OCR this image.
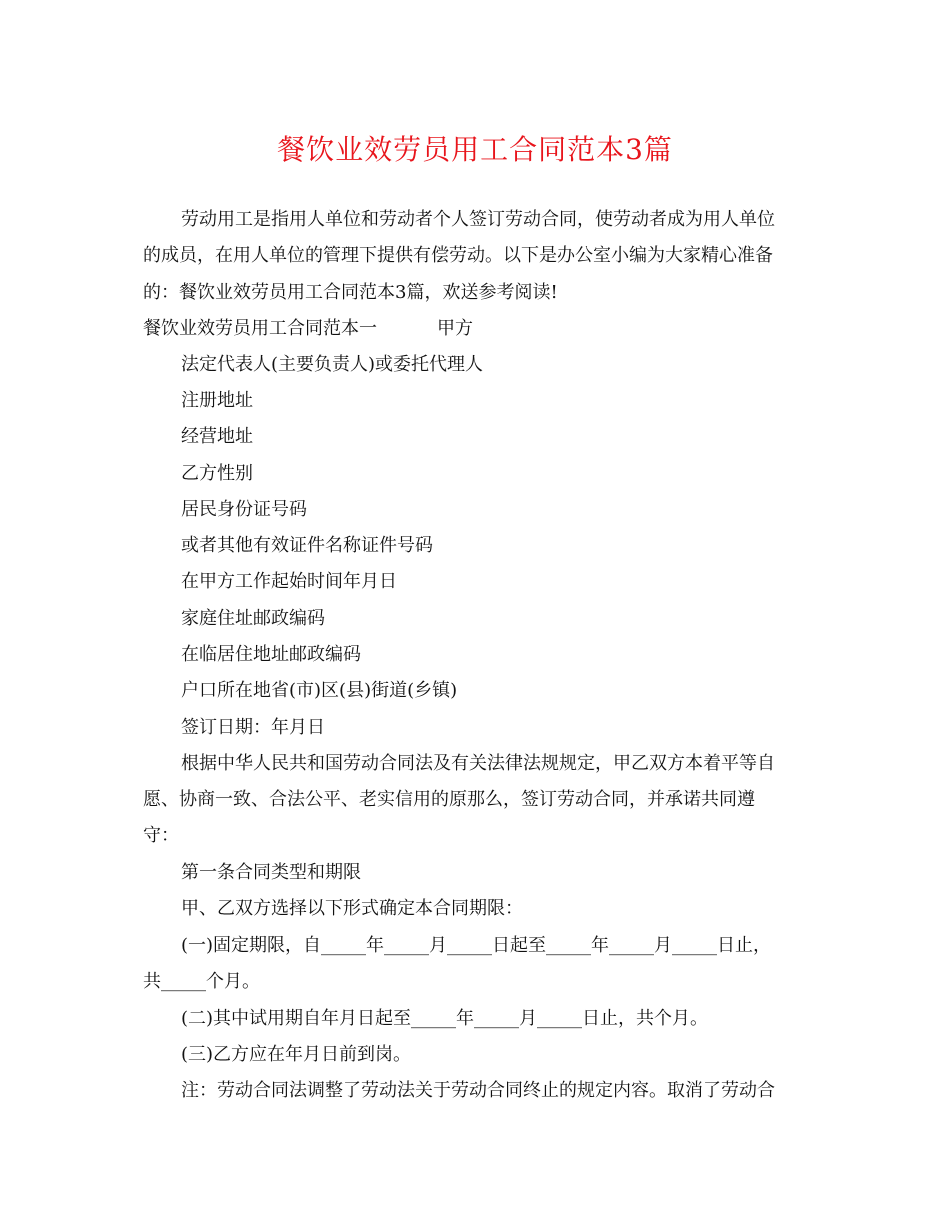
餐饮业效劳员用工合同范本3篇
劳动用工是指用人单位和劳动者个人签订劳动合同，使劳动者成为用人单位
的成员，在用人单位的管理下提供有偿劳动。以下是办公室小编为大家精心准备
的：餐饮业效劳员用工合同范本3篇，欢送参考阅读!
餐饮业效劳员用工合同范本一	甲方
法定代表人(主要负责人)或委托代理人
注册地址
经营地址
乙方性别
居民身份证号码
或者其他有效证件名称证件号码
在甲方工作起始时间年月日
家庭住址邮政编码
在临居住地址邮政编码
户口所在地省(市)区(县)街道(乡镇)
签订日期：年月日
根据中华人民共和国劳动合同法及有关法律法规规定，甲乙双方本着平等自
愿、协商一致、合法公平、老实信用的原那么，签订劳动合同，并承诺共同遵
守：
第一条合同类型和期限
甲、乙双方选择以下形式确定本合同期限：
(一)固定期限，自_____年_____月_____日起至_____年_____月_____日止，
共_____个月。
(二)其中试用期自年月日起至_____年_____月_____日止，共个月。
(三)乙方应在年月日前到岗。
注：劳动合同法调整了劳动法关于劳动合同终止的规定内容。取消了劳动合
